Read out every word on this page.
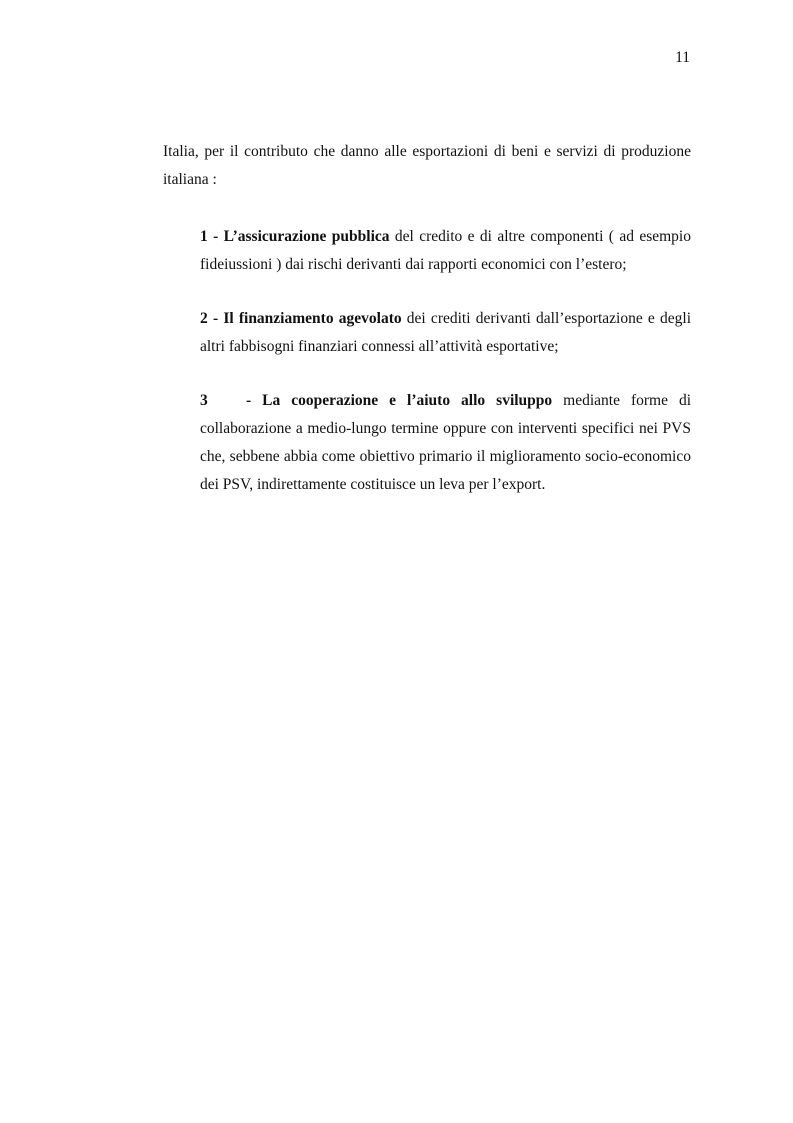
11

Italia, per il contributo che danno alle esportazioni di beni e servizi di produzione italiana :

1 - L’assicurazione pubblica del credito e di altre componenti ( ad esempio fideiussioni ) dai rischi derivanti dai rapporti economici con l’estero;

2 - Il finanziamento agevolato dei crediti derivanti dall’esportazione e degli altri fabbisogni finanziari connessi all’attività esportative;

3 - La cooperazione e l’aiuto allo sviluppo mediante forme di collaborazione a medio-lungo termine oppure con interventi specifici nei PVS che, sebbene abbia come obiettivo primario il miglioramento socio-economico dei PSV, indirettamente costituisce un leva per l’export.
